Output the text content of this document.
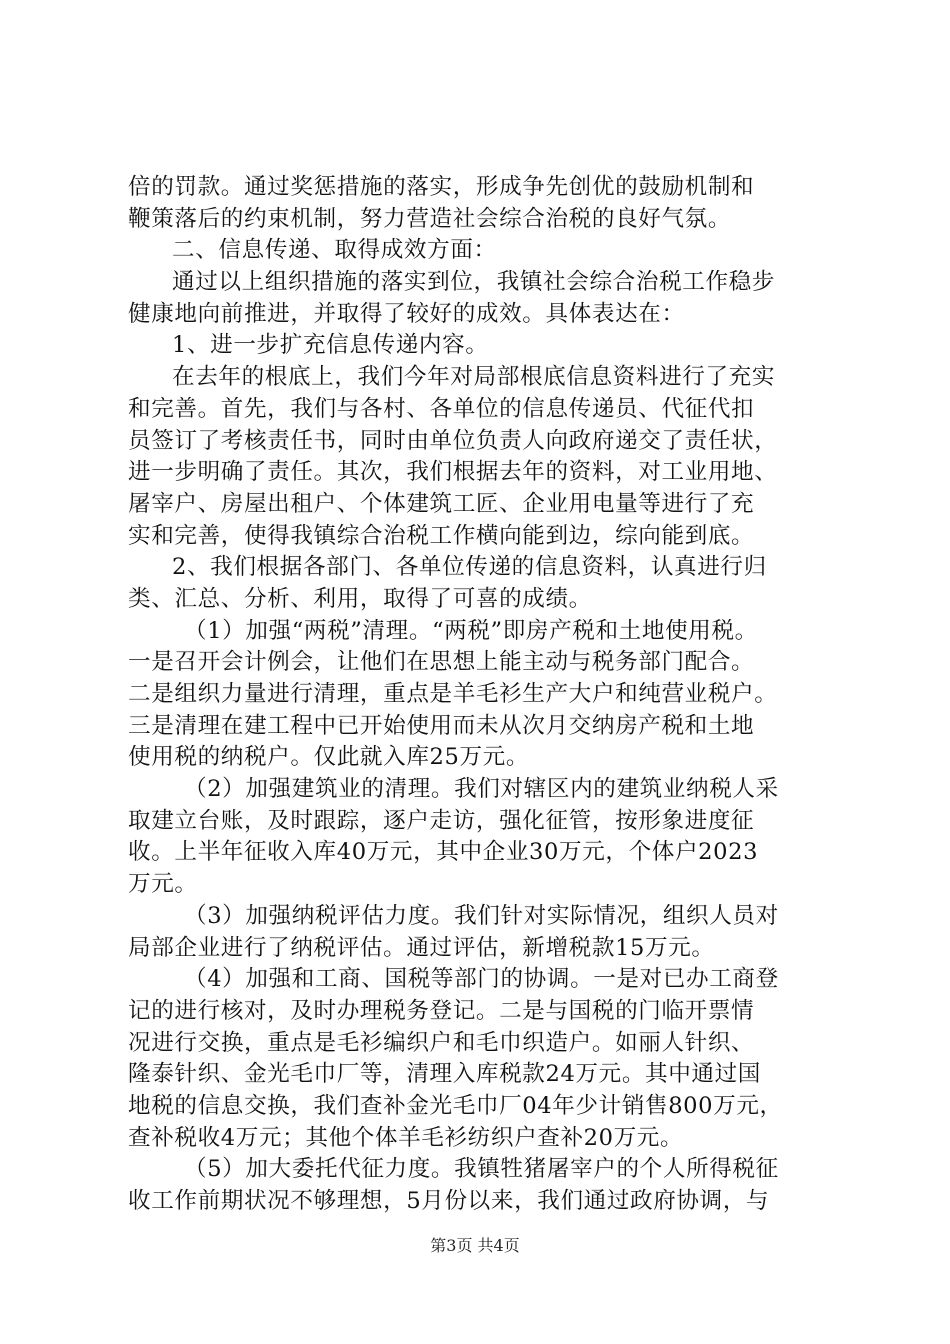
倍的罚款。通过奖惩措施的落实，形成争先创优的鼓励机制和
鞭策落后的约束机制，努力营造社会综合治税的良好气氛。
二、信息传递、取得成效方面：
通过以上组织措施的落实到位，我镇社会综合治税工作稳步
健康地向前推进，并取得了较好的成效。具体表达在：
1、进一步扩充信息传递内容。
在去年的根底上，我们今年对局部根底信息资料进行了充实
和完善。首先，我们与各村、各单位的信息传递员、代征代扣
员签订了考核责任书，同时由单位负责人向政府递交了责任状，
进一步明确了责任。其次，我们根据去年的资料，对工业用地、
屠宰户、房屋出租户、个体建筑工匠、企业用电量等进行了充
实和完善，使得我镇综合治税工作横向能到边，综向能到底。
2、我们根据各部门、各单位传递的信息资料，认真进行归
类、汇总、分析、利用，取得了可喜的成绩。
（1）加强“两税”清理。“两税”即房产税和土地使用税。
一是召开会计例会，让他们在思想上能主动与税务部门配合。
二是组织力量进行清理，重点是羊毛衫生产大户和纯营业税户。
三是清理在建工程中已开始使用而未从次月交纳房产税和土地
使用税的纳税户。仅此就入库25万元。
（2）加强建筑业的清理。我们对辖区内的建筑业纳税人采
取建立台账，及时跟踪，逐户走访，强化征管，按形象进度征
收。上半年征收入库40万元，其中企业30万元，个体户2023
万元。
（3）加强纳税评估力度。我们针对实际情况，组织人员对
局部企业进行了纳税评估。通过评估，新增税款15万元。
（4）加强和工商、国税等部门的协调。一是对已办工商登
记的进行核对，及时办理税务登记。二是与国税的门临开票情
况进行交换，重点是毛衫编织户和毛巾织造户。如丽人针织、
隆泰针织、金光毛巾厂等，清理入库税款24万元。其中通过国
地税的信息交换，我们查补金光毛巾厂04年少计销售800万元，
查补税收4万元；其他个体羊毛衫纺织户查补20万元。
（5）加大委托代征力度。我镇牲猪屠宰户的个人所得税征
收工作前期状况不够理想，5月份以来，我们通过政府协调，与
第3页 共4页
